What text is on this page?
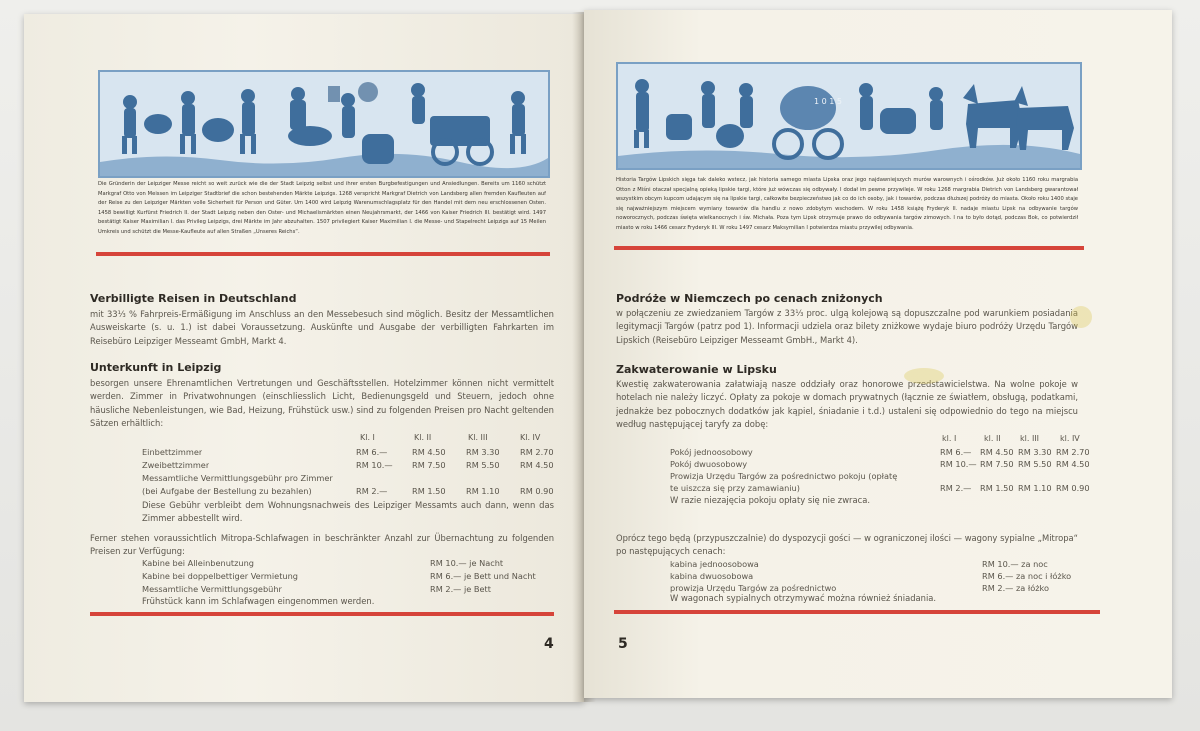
Die Gründerin der Leipziger Messe reicht so weit zurück wie die der Stadt Leipzig selbst und ihrer ersten Burgbefestigungen und Ansiedlungen. Bereits um 1160 schützt Markgraf Otto von Meissen im Leipziger Stadtbrief die schon bestehenden Märkte Leipzigs. 1268 verspricht Markgraf Dietrich von Landsberg allen fremden Kaufleuten auf der Reise zu den Leipziger Märkten volle Sicherheit für Person und Güter. Um 1400 wird Leipzig Warenumschlagsplatz für den Handel mit dem neu erschlossenen Osten. 1458 bewilligt Kurfürst Friedrich II. der Stadt Leipzig neben den Oster- und Michaelismärkten einen Neujahrsmarkt, der 1466 von Kaiser Friedrich III. bestätigt wird. 1497 bestätigt Kaiser Maximilian I. das Privileg Leipzigs, drei Märkte im Jahr abzuhalten. 1507 privilegiert Kaiser Maximilian I. die Messe- und Stapelrecht Leipzigs auf 15 Meilen Umkreis und schützt die Messe-Kaufleute auf allen Straßen „Unseres Reichs“.
Verbilligte Reisen in Deutschland
mit 33⅓ % Fahrpreis-Ermäßigung im Anschluss an den Messebesuch sind möglich. Besitz der Messamtlichen Ausweiskarte (s. u. 1.) ist dabei Voraussetzung. Auskünfte und Ausgabe der verbilligten Fahrkarten im Reisebüro Leipziger Messeamt GmbH, Markt 4.
Unterkunft in Leipzig
besorgen unsere Ehrenamtlichen Vertretungen und Geschäftsstellen. Hotelzimmer können nicht vermittelt werden. Zimmer in Privatwohnungen (einschliesslich Licht, Bedienungsgeld und Steuern, jedoch ohne häusliche Nebenleistungen, wie Bad, Heizung, Frühstück usw.) sind zu folgenden Preisen pro Nacht geltenden Sätzen erhältlich:
Kl. I	Kl. II	Kl. III	Kl. IV
Einbettzimmer	RM 6.—	RM 4.50 RM 3.30 RM 2.70
Zweibettzimmer	RM 10.— RM 7.50 RM 5.50 RM 4.50
Messamtliche Vermittlungsgebühr pro Zimmer
(bei Aufgabe der Bestellung zu bezahlen)	RM 2.—	RM 1.50 RM 1.10 RM 0.90
Diese Gebühr verbleibt dem Wohnungsnachweis des Leipziger Messamts auch dann, wenn das Zimmer abbestellt wird.
Ferner stehen voraussichtlich Mitropa-Schlafwagen in beschränkter Anzahl zur Übernachtung zu folgenden Preisen zur Verfügung:
Kabine bei Alleinbenutzung	RM 10.— je Nacht
Kabine bei doppelbettiger Vermietung	RM 6.— je Bett und Nacht
Messamtliche Vermittlungsgebühr	RM 2.— je Bett
Frühstück kann im Schlafwagen eingenommen werden.
4
1 0 1 5
Historia Targów Lipskich sięga tak daleko wstecz, jak historia samego miasta Lipska oraz jego najdawniejszych murów warownych i ośrodków. Już około 1160 roku margrabia Otton z Miśni otaczał specjalną opieką lipskie targi, które już wówczas się odbywały. I dodał im pewne przywileje. W roku 1268 margrabia Dietrich von Landsberg gwarantował wszystkim obcym kupcom udającym się na lipskie targi, całkowite bezpieczeństwo jak co do ich osoby, jak i towarów, podczas dłuższej podróży do miasta. Około roku 1400 staje się najważniejszym miejscem wymiany towarów dla handlu z nowo zdobytym wschodem. W roku 1458 książę Fryderyk II. nadaje miastu Lipsk na odbywanie targów noworocznych, podczas święta wielkanocnych i św. Michała. Poza tym Lipsk otrzymuje prawo do odbywania targów zimowych. I na to było dotąd, podczas Bok, co potwierdził miasto w roku 1466 cesarz Fryderyk III. W roku 1497 cesarz Maksymilian I potwierdza miastu przywilej odbywania.
Podróże w Niemczech po cenach zniżonych
w połączeniu ze zwiedzaniem Targów z 33⅓ proc. ulgą kolejową są dopuszczalne pod warunkiem posiadania legitymacji Targów (patrz pod 1). Informacji udziela oraz bilety zniżkowe wydaje biuro podróży Urzędu Targów Lipskich (Reisebüro Leipziger Messeamt GmbH., Markt 4).
Zakwaterowanie w Lipsku
Kwestię zakwaterowania załatwiają nasze oddziały oraz honorowe przedstawicielstwa. Na wolne pokoje w hotelach nie należy liczyć. Opłaty za pokoje w domach prywatnych (łącznie ze światłem, obsługą, podatkami, jednakże bez pobocznych dodatków jak kąpiel, śniadanie i t.d.) ustaleni się odpowiednio do tego na miejscu według następującej taryfy za dobę:
kl. I	kl. II kl. III	kl. IV
Pokój jednoosobowy	RM 6.— RM 4.50 RM 3.30 RM 2.70
Pokój dwuosobowy	RM 10.— RM 7.50 RM 5.50 RM 4.50
Prowizja Urzędu Targów za pośrednictwo pokoju (opłatę
te uiszcza się przy zamawianiu)	RM 2.— RM 1.50 RM 1.10 RM 0.90
W razie niezajęcia pokoju opłaty się nie zwraca.
Oprócz tego będą (przypuszczalnie) do dyspozycji gości — w ograniczonej ilości — wagony sypialne „Mitropa“ po następujących cenach:
kabina jednoosobowa	RM 10.— za noc
kabina dwuosobowa	RM 6.— za noc i łóżko
prowizja Urzędu Targów za pośrednictwo	RM 2.— za łóżko
W wagonach sypialnych otrzymywać można również śniadania.
5
